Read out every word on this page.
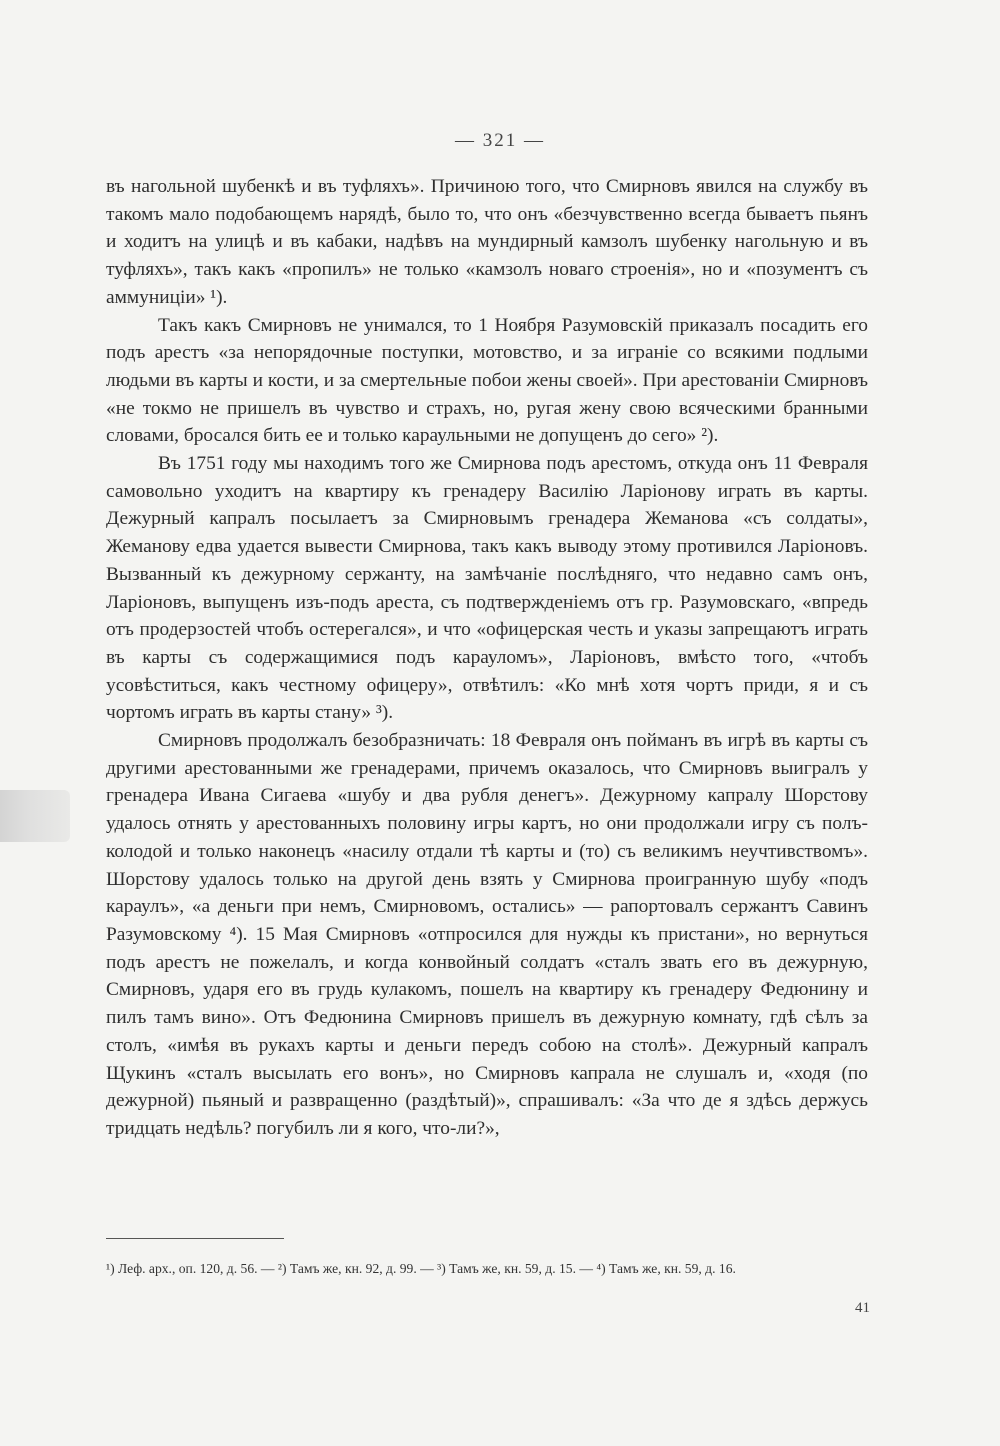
— 321 —

въ нагольной шубенкѣ и въ туфляхъ». Причиною того, что Смирновъ явился на службу въ такомъ мало подобающемъ нарядѣ, было то, что онъ «безчувственно всегда бываетъ пьянъ и ходитъ на улицѣ и въ кабаки, надѣвъ на мундирный камзолъ шубенку нагольную и въ туфляхъ», такъ какъ «пропилъ» не только «камзолъ новаго строенія», но и «позументъ съ аммуниціи» ¹).

Такъ какъ Смирновъ не унимался, то 1 Ноября Разумовскій приказалъ посадить его подъ арестъ «за непорядочные поступки, мотовство, и за игранiе со всякими подлыми людьми въ карты и кости, и за смертельные побои жены своей». При арестованiи Смирновъ «не токмо не пришелъ въ чувство и страхъ, но, ругая жену свою всяческими бранными словами, бросался бить ее и только караульными не допущенъ до сего» ²).

Въ 1751 году мы находимъ того же Смирнова подъ арестомъ, откуда онъ 11 Февраля самовольно уходитъ на квартиру къ гренадеру Василiю Ларiонову играть въ карты. Дежурный капралъ посылаетъ за Смирновымъ гренадера Жеманова «съ солдаты», Жеманову едва удается вывести Смирнова, такъ какъ выводу этому противился Ларiоновъ. Вызванный къ дежурному сержанту, на замѣчанiе послѣдняго, что недавно самъ онъ, Ларiоновъ, выпущенъ изъ-подъ ареста, съ подтвержденiемъ отъ гр. Разумовскаго, «впредь отъ продерзостей чтобъ остерегался», и что «офицерская честь и указы запрещаютъ играть въ карты съ содержащимися подъ карауломъ», Ларiоновъ, вмѣсто того, «чтобъ усовѣститься, какъ честному офицеру», отвѣтилъ: «Ко мнѣ хотя чортъ приди, я и съ чортомъ играть въ карты стану» ³).

Смирновъ продолжалъ безобразничать: 18 Февраля онъ пойманъ въ игрѣ въ карты съ другими арестованными же гренадерами, причемъ оказалось, что Смирновъ выигралъ у гренадера Ивана Сигаева «шубу и два рубля денегъ». Дежурному капралу Шорстову удалось отнять у арестованныхъ половину игры картъ, но они продолжали игру съ полъ-колодой и только наконецъ «насилу отдали тѣ карты и (то) съ великимъ неучтивствомъ». Шорстову удалось только на другой день взять у Смирнова проигранную шубу «подъ караулъ», «а деньги при немъ, Смирновомъ, остались» — рапортовалъ сержантъ Савинъ Разумовскому ⁴). 15 Мая Смирновъ «отпросился для нужды къ пристани», но вернуться подъ арестъ не пожелалъ, и когда конвойный солдатъ «сталъ звать его въ дежурную, Смирновъ, ударя его въ грудь кулакомъ, пошелъ на квартиру къ гренадеру Федюнину и пилъ тамъ вино». Отъ Федюнина Смирновъ пришелъ въ дежурную комнату, гдѣ сѣлъ за столъ, «имѣя въ рукахъ карты и деньги передъ собою на столѣ». Дежурный капралъ Щукинъ «сталъ высылать его вонъ», но Смирновъ капрала не слушалъ и, «ходя (по дежурной) пьяный и развращенно (раздѣтый)», спрашивалъ: «За что де я здѣсь держусь тридцать недѣль? погубилъ ли я кого, что-ли?»,

¹) Леф. арх., оп. 120, д. 56. — ²) Тамъ же, кн. 92, д. 99. — ³) Тамъ же, кн. 59, д. 15. — ⁴) Тамъ же, кн. 59, д. 16.
41
